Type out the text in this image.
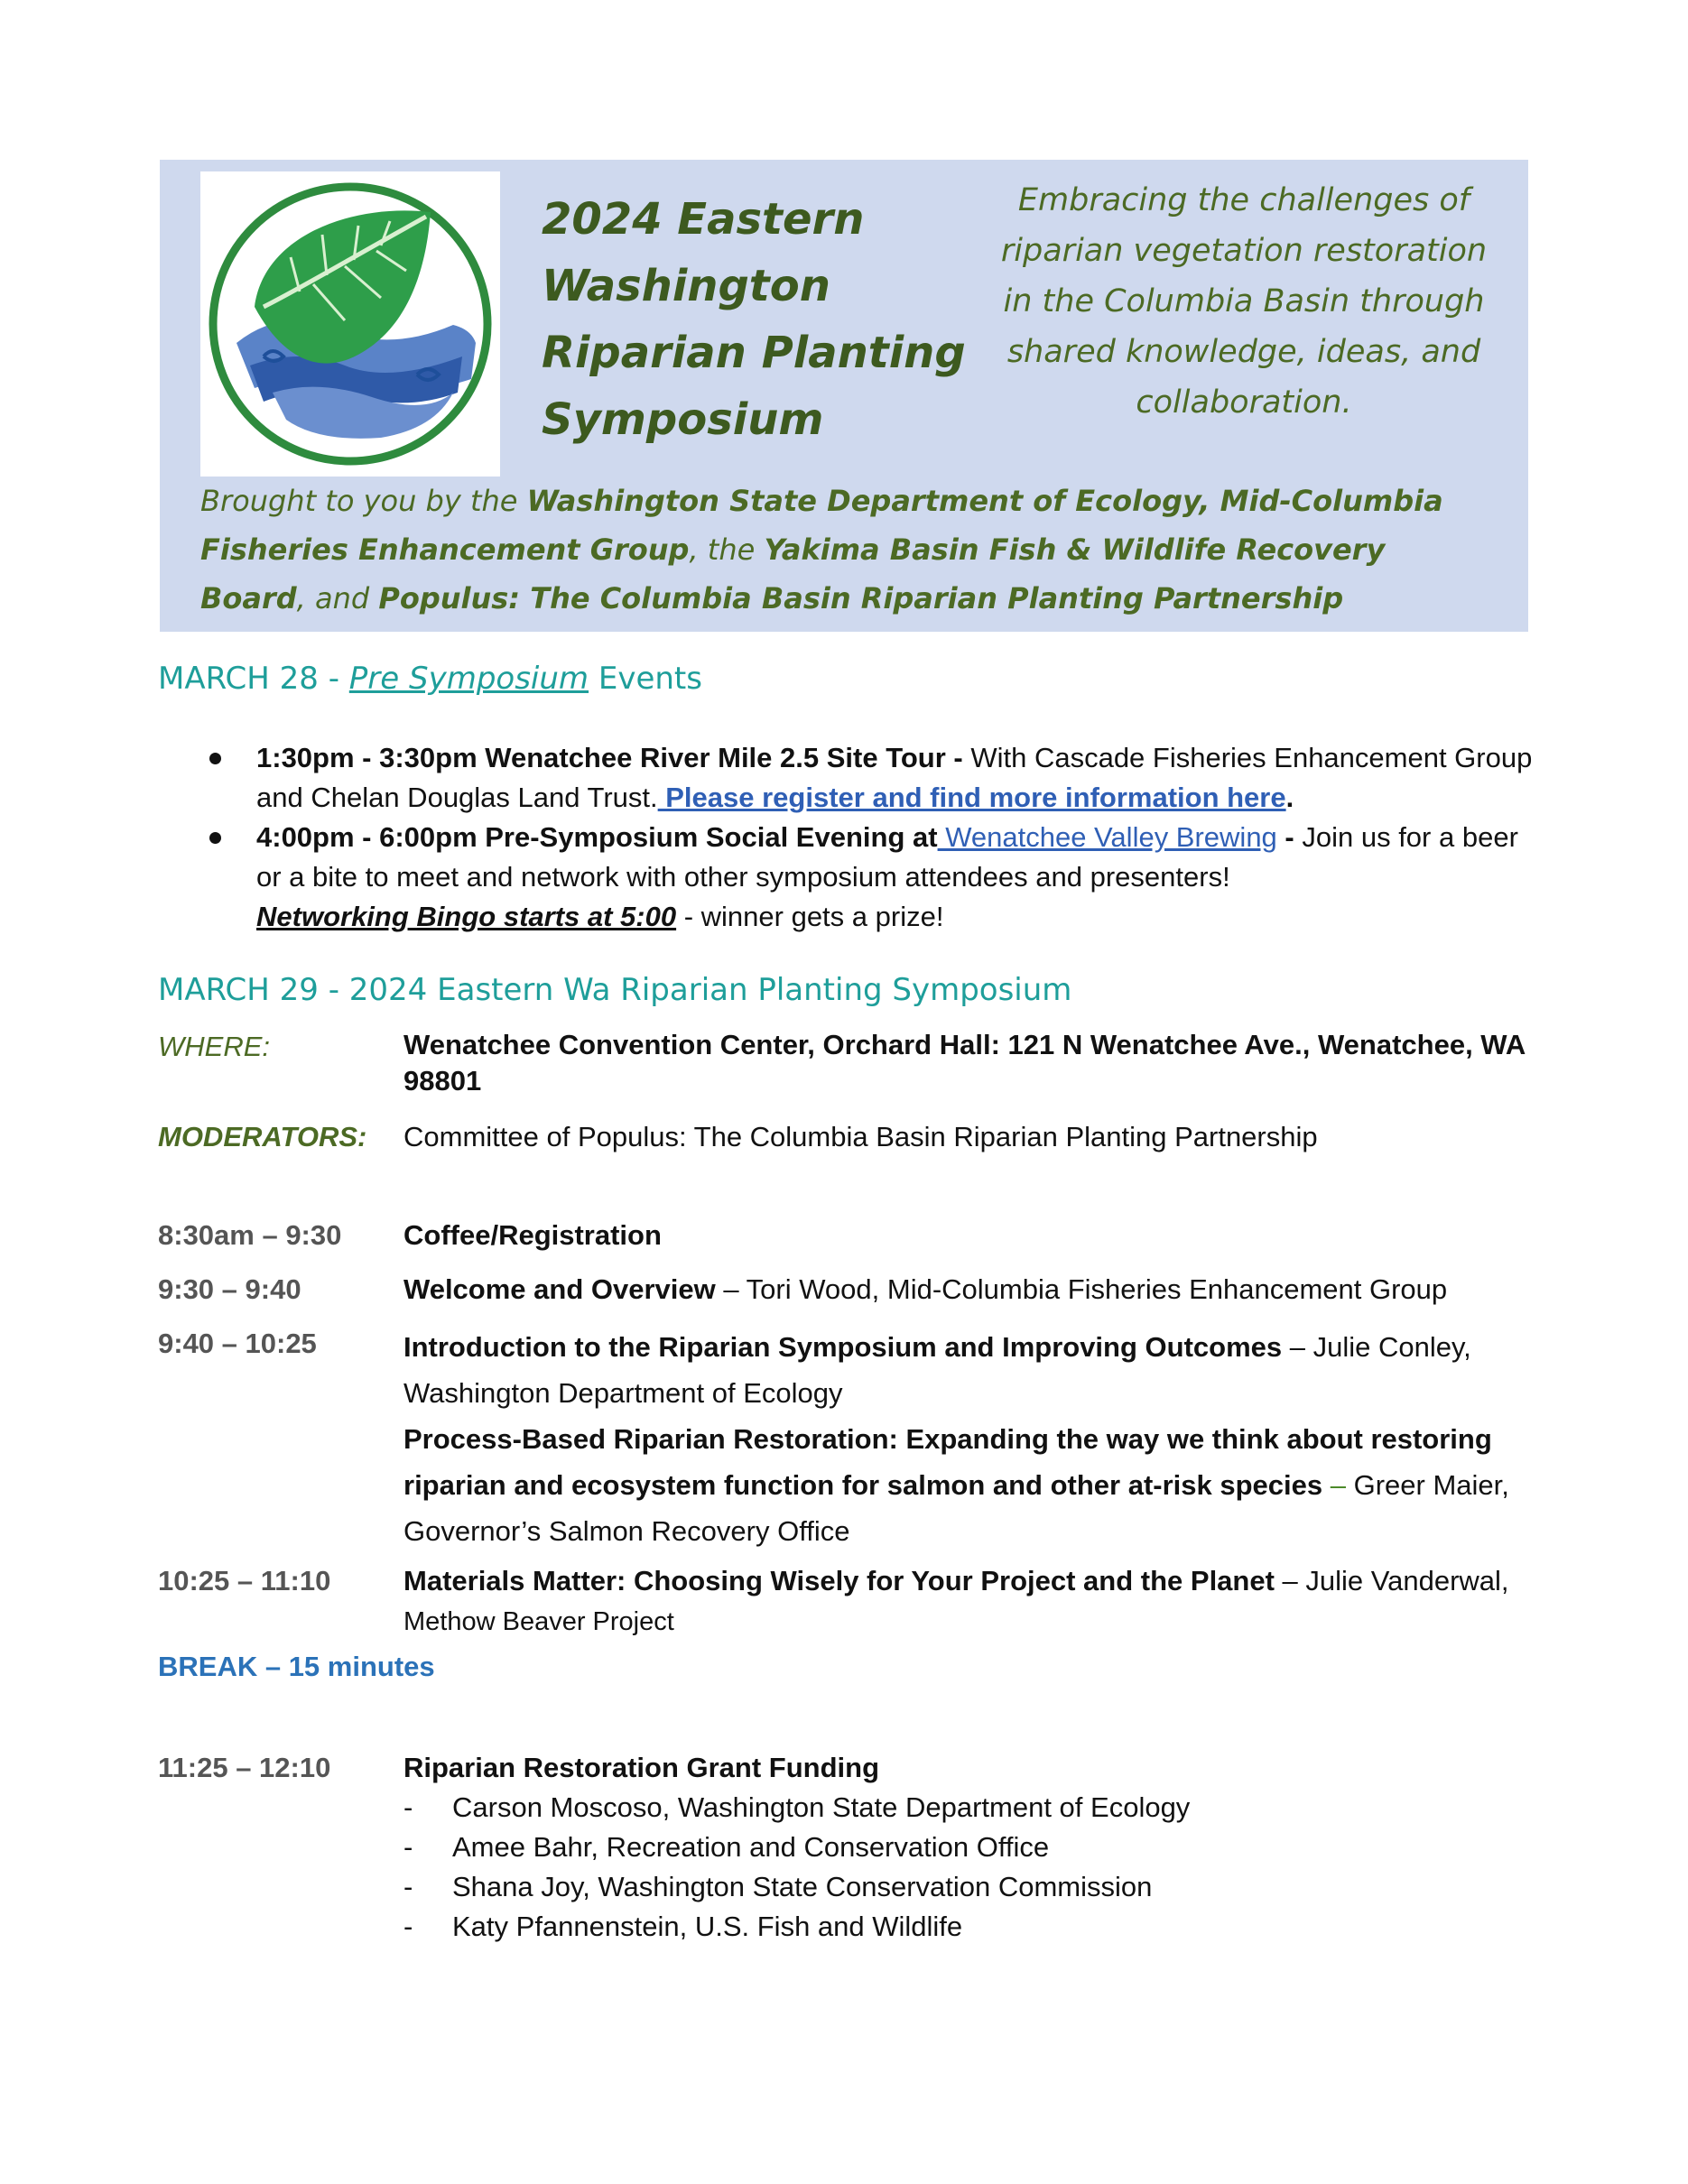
2024 Eastern Washington Riparian Planting Symposium
Embracing the challenges of riparian vegetation restoration in the Columbia Basin through shared knowledge, ideas, and collaboration.
Brought to you by the Washington State Department of Ecology, Mid-Columbia Fisheries Enhancement Group, the Yakima Basin Fish & Wildlife Recovery Board, and Populus: The Columbia Basin Riparian Planting Partnership
MARCH 28 - Pre Symposium Events
1:30pm - 3:30pm Wenatchee River Mile 2.5 Site Tour - With Cascade Fisheries Enhancement Group and Chelan Douglas Land Trust. Please register and find more information here.
4:00pm - 6:00pm Pre-Symposium Social Evening at Wenatchee Valley Brewing - Join us for a beer or a bite to meet and network with other symposium attendees and presenters!
Networking Bingo starts at 5:00 - winner gets a prize!
MARCH 29 - 2024 Eastern Wa Riparian Planting Symposium
WHERE:	Wenatchee Convention Center, Orchard Hall: 121 N Wenatchee Ave., Wenatchee, WA 98801
MODERATORS: Committee of Populus: The Columbia Basin Riparian Planting Partnership
8:30am – 9:30 Coffee/Registration
9:30 – 9:40	Welcome and Overview – Tori Wood, Mid-Columbia Fisheries Enhancement Group
9:40 – 10:25	Introduction to the Riparian Symposium and Improving Outcomes – Julie Conley, Washington Department of Ecology
Process-Based Riparian Restoration: Expanding the way we think about restoring riparian and ecosystem function for salmon and other at-risk species – Greer Maier, Governor’s Salmon Recovery Office
10:25 – 11:10	Materials Matter: Choosing Wisely for Your Project and the Planet – Julie Vanderwal,
Methow Beaver Project
BREAK – 15 minutes
11:25 – 12:10	Riparian Restoration Grant Funding
- Carson Moscoso, Washington State Department of Ecology
- Amee Bahr, Recreation and Conservation Office
- Shana Joy, Washington State Conservation Commission
- Katy Pfannenstein, U.S. Fish and Wildlife
